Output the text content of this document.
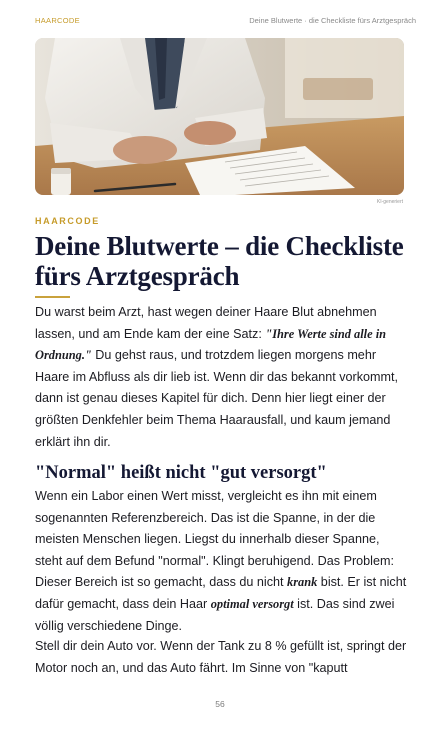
HAARCODE	Deine Blutwerte · die Checkliste fürs Arztgespräch
KI-generiert
HAARCODE
Deine Blutwerte – die Checkliste fürs Arztgespräch

Du warst beim Arzt, hast wegen deiner Haare Blut abnehmen lassen, und am Ende kam der eine Satz: "Ihre Werte sind alle in Ordnung." Du gehst raus, und trotzdem liegen morgens mehr Haare im Abfluss als dir lieb ist. Wenn dir das bekannt vorkommt, dann ist genau dieses Kapitel für dich. Denn hier liegt einer der größten Denkfehler beim Thema Haarausfall, und kaum jemand erklärt ihn dir.

"Normal" heißt nicht "gut versorgt"

Wenn ein Labor einen Wert misst, vergleicht es ihn mit einem sogenannten Referenzbereich. Das ist die Spanne, in der die meisten Menschen liegen. Liegst du innerhalb dieser Spanne, steht auf dem Befund "normal". Klingt beruhigend. Das Problem: Dieser Bereich ist so gemacht, dass du nicht krank bist. Er ist nicht dafür gemacht, dass dein Haar optimal versorgt ist. Das sind zwei völlig verschiedene Dinge.

Stell dir dein Auto vor. Wenn der Tank zu 8 % gefüllt ist, springt der Motor noch an, und das Auto fährt. Im Sinne von "kaputt

56
